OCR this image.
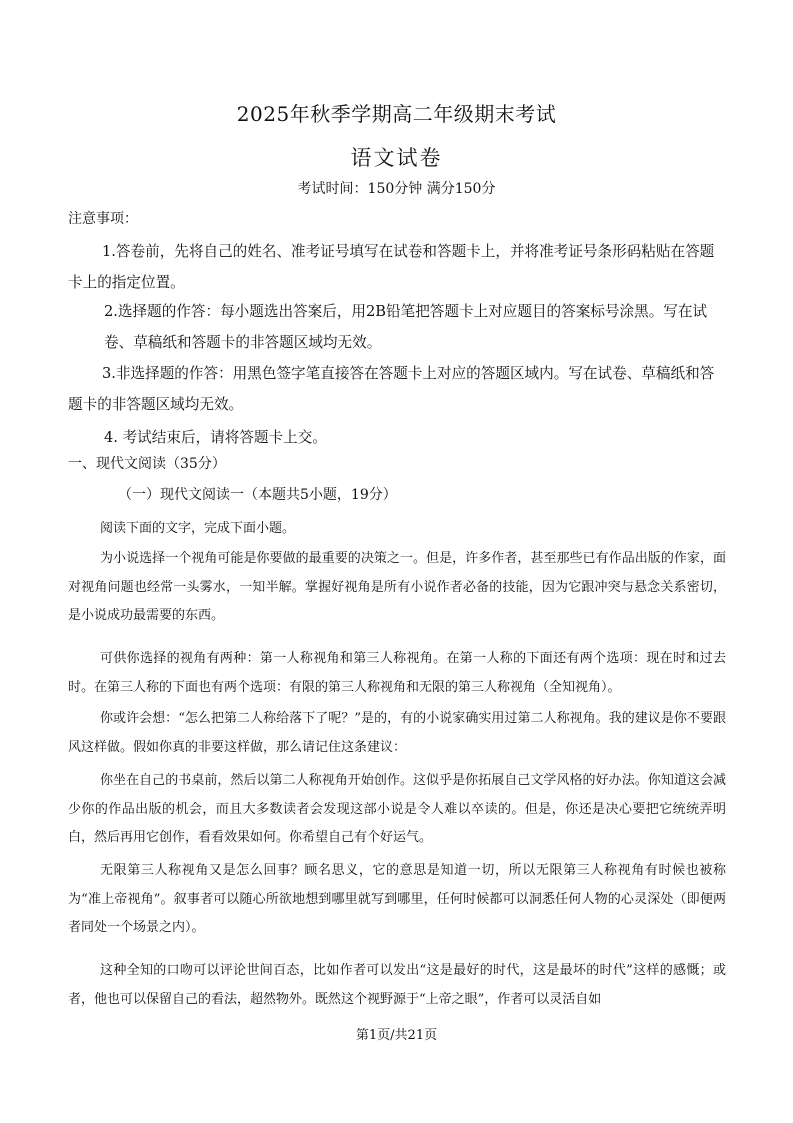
2025年秋季学期高二年级期末考试
语文试卷
考试时间：150分钟 满分150分
注意事项：
1.答卷前，先将自己的姓名、准考证号填写在试卷和答题卡上，并将准考证号条形码粘贴在答题卡上的指定位置。
2.选择题的作答：每小题选出答案后，用2B铅笔把答题卡上对应题目的答案标号涂黑。写在试卷、草稿纸和答题卡的非答题区域均无效。
3.非选择题的作答：用黑色签字笔直接答在答题卡上对应的答题区域内。写在试卷、草稿纸和答题卡的非答题区域均无效。
4. 考试结束后，请将答题卡上交。
一、现代文阅读（35分）
（一）现代文阅读一（本题共5小题，19分）
阅读下面的文字，完成下面小题。

为小说选择一个视角可能是你要做的最重要的决策之一。但是，许多作者，甚至那些已有作品出版的作家，面对视角问题也经常一头雾水，一知半解。掌握好视角是所有小说作者必备的技能，因为它跟冲突与悬念关系密切，是小说成功最需要的东西。

可供你选择的视角有两种：第一人称视角和第三人称视角。在第一人称的下面还有两个选项：现在时和过去时。在第三人称的下面也有两个选项：有限的第三人称视角和无限的第三人称视角（全知视角）。

你或许会想：“怎么把第二人称给落下了呢？”是的，有的小说家确实用过第二人称视角。我的建议是你不要跟风这样做。假如你真的非要这样做，那么请记住这条建议：

你坐在自己的书桌前，然后以第二人称视角开始创作。这似乎是你拓展自己文学风格的好办法。你知道这会减少你的作品出版的机会，而且大多数读者会发现这部小说是令人难以卒读的。但是，你还是决心要把它统统弄明白，然后再用它创作，看看效果如何。你希望自己有个好运气。

无限第三人称视角又是怎么回事？顾名思义，它的意思是知道一切，所以无限第三人称视角有时候也被称为“准上帝视角”。叙事者可以随心所欲地想到哪里就写到哪里，任何时候都可以洞悉任何人物的心灵深处（即便两者同处一个场景之内）。

这种全知的口吻可以评论世间百态，比如作者可以发出“这是最好的时代，这是最坏的时代”这样的感慨；或者，他也可以保留自己的看法，超然物外。既然这个视野源于“上帝之眼”，作者可以灵活自如

第1页/共21页
